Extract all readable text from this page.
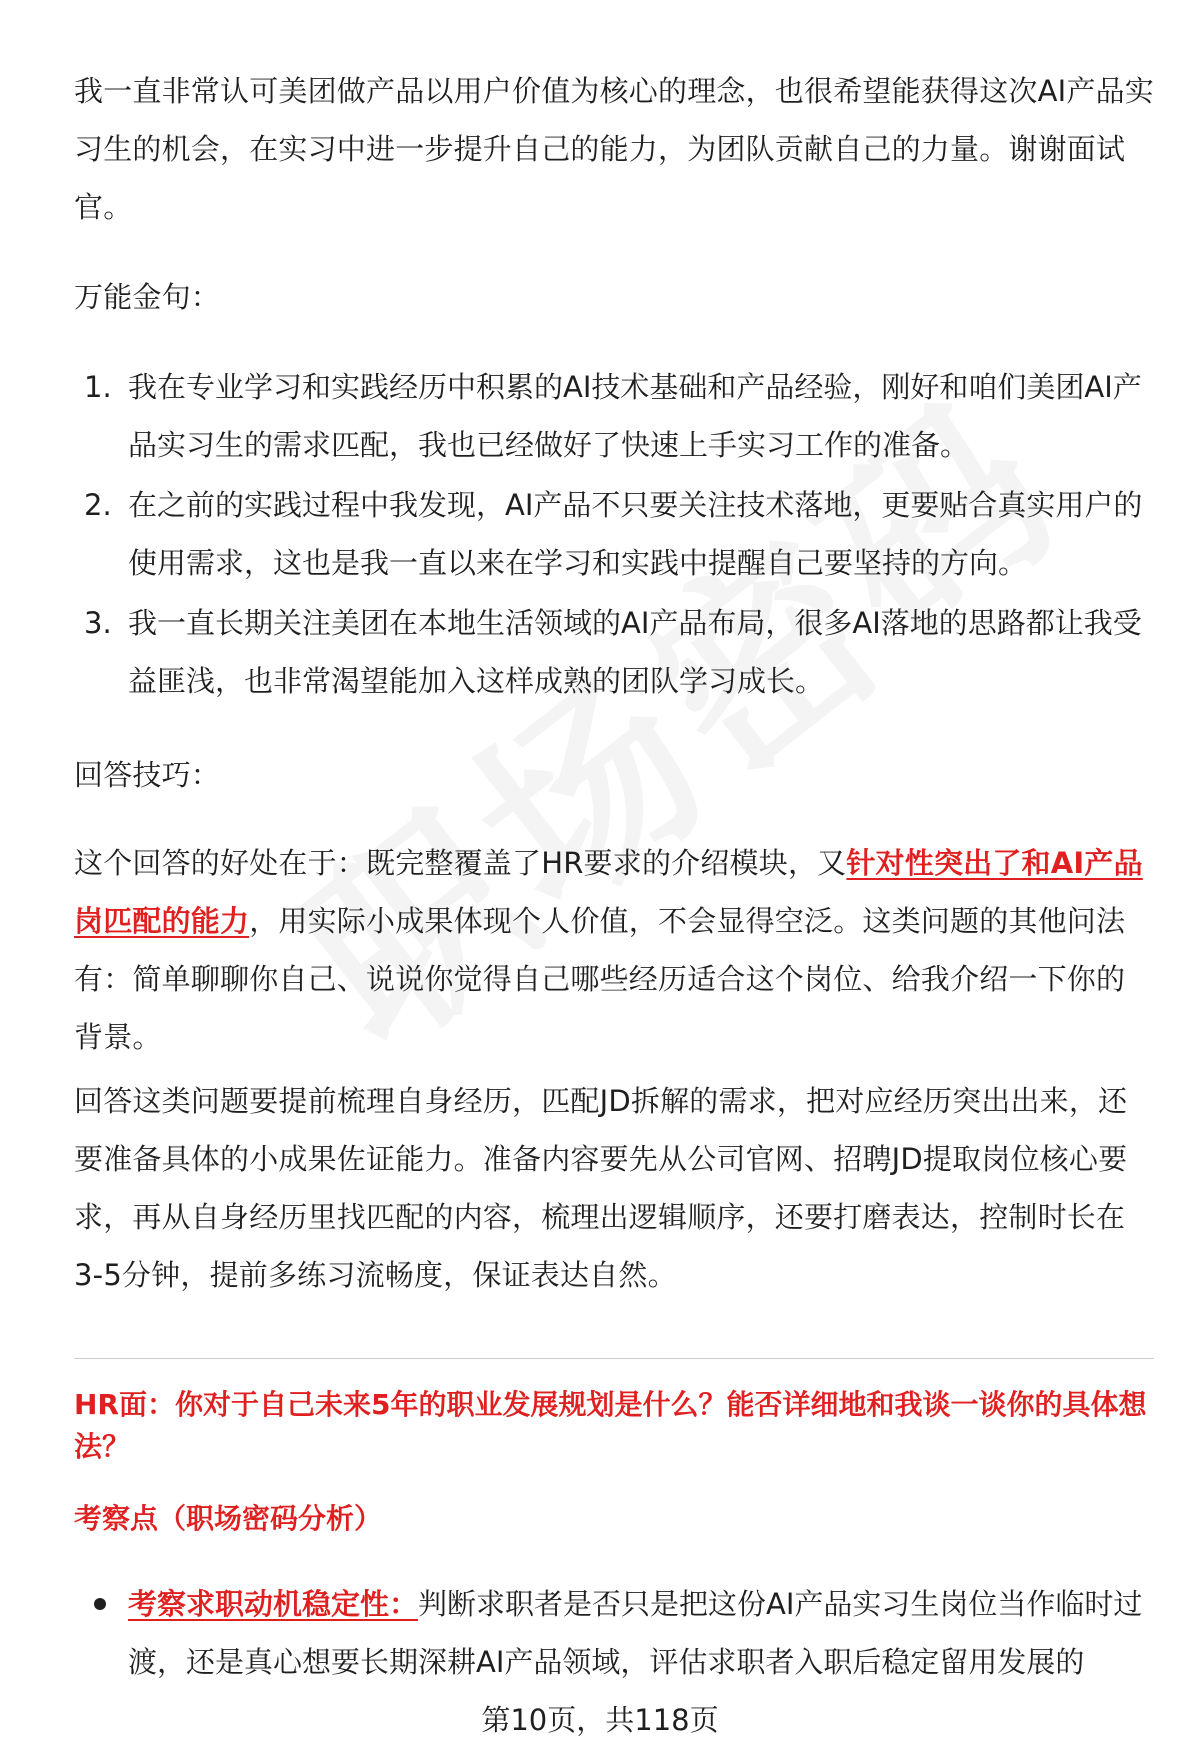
我一直非常认可美团做产品以用户价值为核心的理念，也很希望能获得这次AI产品实习生的机会，在实习中进一步提升自己的能力，为团队贡献自己的力量。谢谢面试官。

万能金句：

1. 我在专业学习和实践经历中积累的AI技术基础和产品经验，刚好和咱们美团AI产品实习生的需求匹配，我也已经做好了快速上手实习工作的准备。
2. 在之前的实践过程中我发现，AI产品不只要关注技术落地，更要贴合真实用户的使用需求，这也是我一直以来在学习和实践中提醒自己要坚持的方向。
3. 我一直长期关注美团在本地生活领域的AI产品布局，很多AI落地的思路都让我受益匪浅，也非常渴望能加入这样成熟的团队学习成长。

回答技巧：

这个回答的好处在于：既完整覆盖了HR要求的介绍模块，又针对性突出了和AI产品岗匹配的能力，用实际小成果体现个人价值，不会显得空泛。这类问题的其他问法有：简单聊聊你自己、说说你觉得自己哪些经历适合这个岗位、给我介绍一下你的背景。

回答这类问题要提前梳理自身经历，匹配JD拆解的需求，把对应经历突出出来，还要准备具体的小成果佐证能力。准备内容要先从公司官网、招聘JD提取岗位核心要求，再从自身经历里找匹配的内容，梳理出逻辑顺序，还要打磨表达，控制时长在3-5分钟，提前多练习流畅度，保证表达自然。

HR面：你对于自己未来5年的职业发展规划是什么？能否详细地和我谈一谈你的具体想法？
考察点（职场密码分析）
考察求职动机稳定性：判断求职者是否只是把这份AI产品实习生岗位当作临时过渡，还是真心想要长期深耕AI产品领域，评估求职者入职后稳定留用发展的
第10页，共118页
